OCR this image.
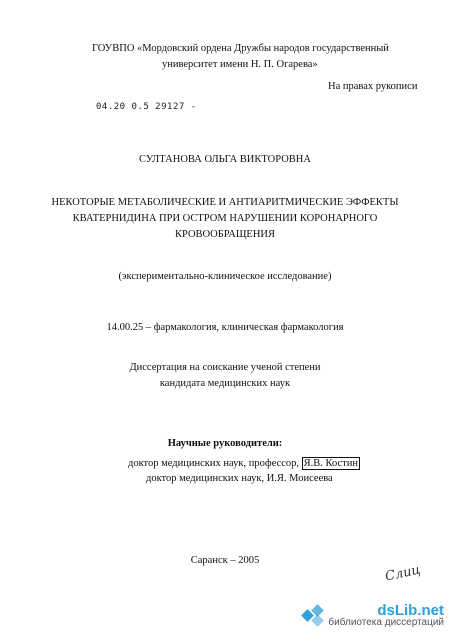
ГОУВПО «Мордовский ордена Дружбы народов государственный
университет имени Н. П. Огарева»
На правах рукописи
04.20 0.5 29127 -
СУЛТАНОВА ОЛЬГА ВИКТОРОВНА
НЕКОТОРЫЕ МЕТАБОЛИЧЕСКИЕ И АНТИАРИТМИЧЕСКИЕ ЭФФЕКТЫ
КВАТЕРНИДИНА ПРИ ОСТРОМ НАРУШЕНИИ КОРОНАРНОГО
КРОВООБРАЩЕНИЯ
(экспериментально-клиническое исследование)
14.00.25 – фармакология, клиническая фармакология
Диссертация на соискание ученой степени
кандидата медицинских наук
Научные руководители:
доктор медицинских наук, профессор, Я.В. Костин
доктор медицинских наук, И.Я. Моисеева
Саранск – 2005
Слиц
dsLib.net
библиотека диссертаций
